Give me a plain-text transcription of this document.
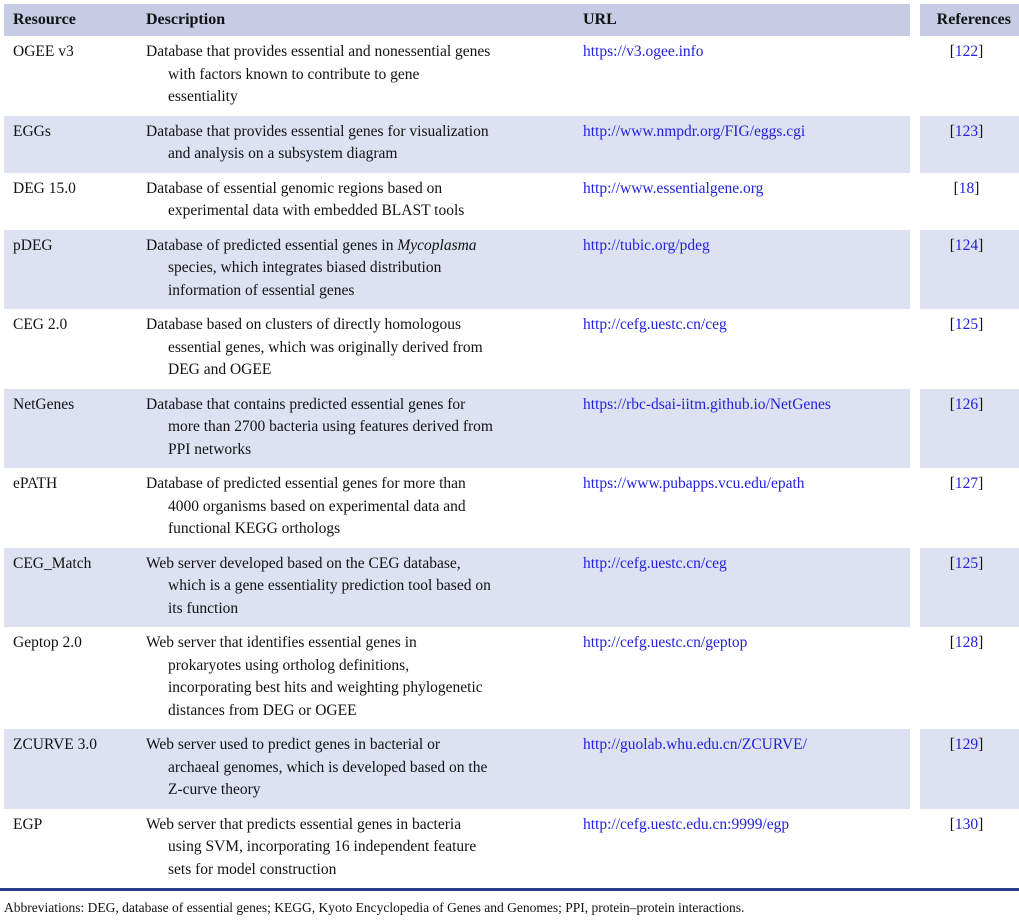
Resource	Description	URL	References
OGEE v3	Database that provides essential and nonessential genes
with factors known to contribute to gene
essentiality	https://v3.ogee.info	[122]
EGGs	Database that provides essential genes for visualization
and analysis on a subsystem diagram	http://www.nmpdr.org/FIG/eggs.cgi	[123]
DEG 15.0	Database of essential genomic regions based on
experimental data with embedded BLAST tools	http://www.essentialgene.org	[18]
pDEG	Database of predicted essential genes in Mycoplasma
species, which integrates biased distribution
information of essential genes	http://tubic.org/pdeg	[124]
CEG 2.0	Database based on clusters of directly homologous
essential genes, which was originally derived from
DEG and OGEE	http://cefg.uestc.cn/ceg	[125]
NetGenes	Database that contains predicted essential genes for
more than 2700 bacteria using features derived from
PPI networks	https://rbc-dsai-iitm.github.io/NetGenes	[126]
ePATH	Database of predicted essential genes for more than
4000 organisms based on experimental data and
functional KEGG orthologs	https://www.pubapps.vcu.edu/epath	[127]
CEG_Match	Web server developed based on the CEG database,
which is a gene essentiality prediction tool based on
its function	http://cefg.uestc.cn/ceg	[125]
Geptop 2.0	Web server that identifies essential genes in
prokaryotes using ortholog definitions,
incorporating best hits and weighting phylogenetic
distances from DEG or OGEE	http://cefg.uestc.cn/geptop	[128]
ZCURVE 3.0	Web server used to predict genes in bacterial or
archaeal genomes, which is developed based on the
Z-curve theory	http://guolab.whu.edu.cn/ZCURVE/	[129]
EGP	Web server that predicts essential genes in bacteria
using SVM, incorporating 16 independent feature
sets for model construction	http://cefg.uestc.edu.cn:9999/egp	[130]
Abbreviations: DEG, database of essential genes; KEGG, Kyoto Encyclopedia of Genes and Genomes; PPI, protein–protein interactions.
